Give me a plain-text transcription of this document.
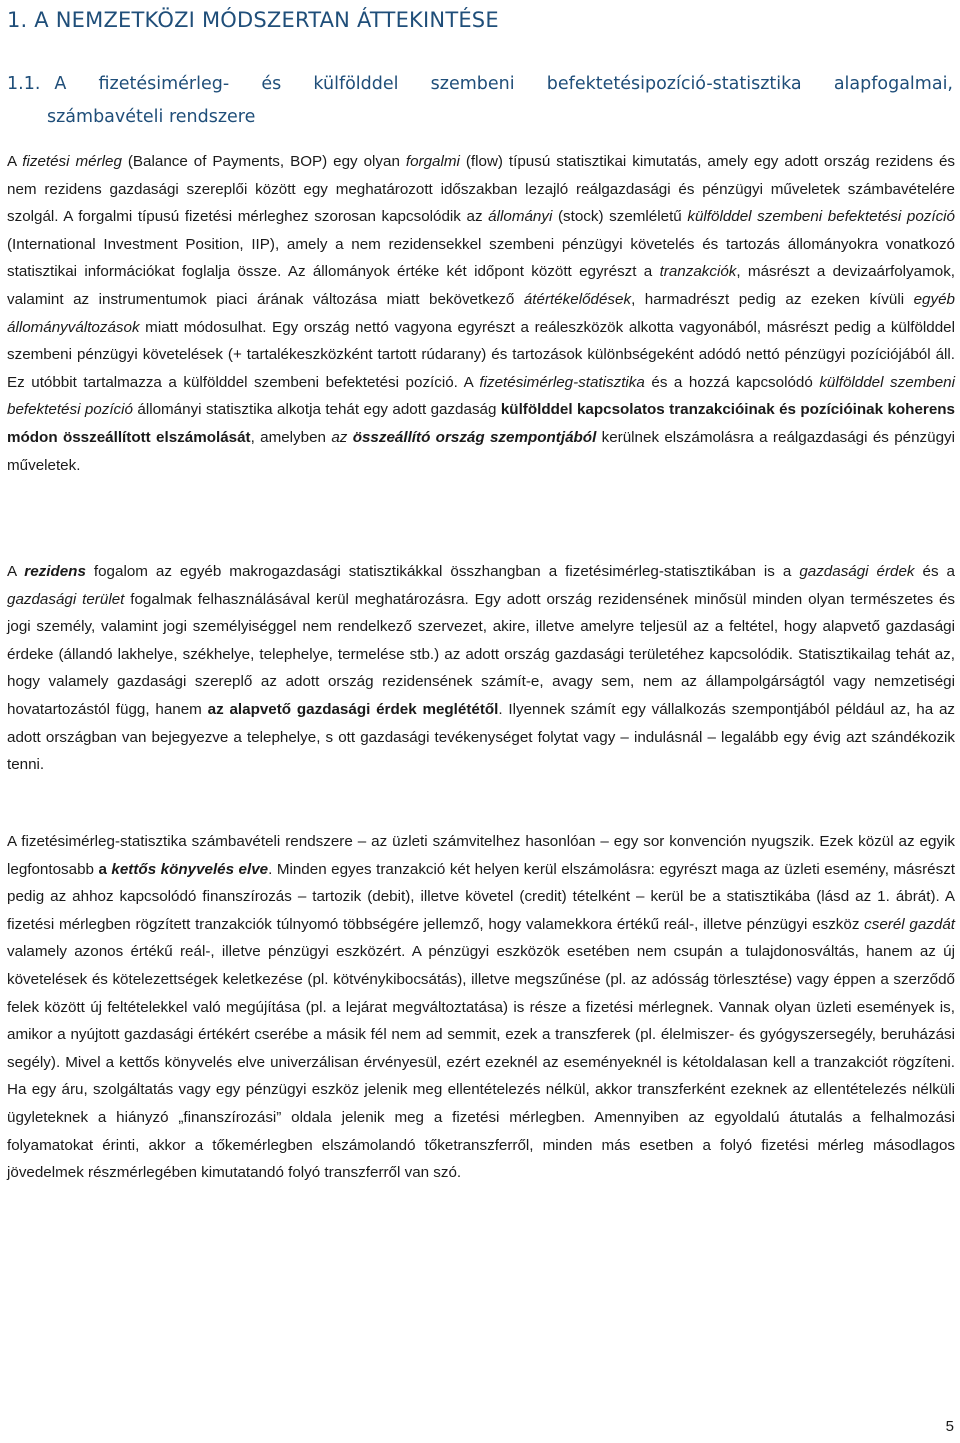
1. A NEMZETKÖZI MÓDSZERTAN ÁTTEKINTÉSE
1.1. A fizetésimérleg- és külfölddel szembeni befektetésipozíció-statisztika alapfogalmai,
számbavételi rendszere

A fizetési mérleg (Balance of Payments, BOP) egy olyan forgalmi (flow) típusú statisztikai kimutatás, amely egy adott ország rezidens és nem rezidens gazdasági szereplői között egy meghatározott időszakban lezajló reálgazdasági és pénzügyi műveletek számbavételére szolgál. A forgalmi típusú fizetési mérleghez szorosan kapcsolódik az állományi (stock) szemléletű külfölddel szembeni befektetési pozíció (International Investment Position, IIP), amely a nem rezidensekkel szembeni pénzügyi követelés és tartozás állományokra vonatkozó statisztikai információkat foglalja össze. Az állományok értéke két időpont között egyrészt a tranzakciók, másrészt a devizaárfolyamok, valamint az instrumentumok piaci árának változása miatt bekövetkező átértékelődések, harmadrészt pedig az ezeken kívüli egyéb állományváltozások miatt módosulhat. Egy ország nettó vagyona egyrészt a reáleszközök alkotta vagyonából, másrészt pedig a külfölddel szembeni pénzügyi követelések (+ tartalékeszközként tartott rúdarany) és tartozások különbségeként adódó nettó pénzügyi pozíciójából áll. Ez utóbbit tartalmazza a külfölddel szembeni befektetési pozíció. A fizetésimérleg-statisztika és a hozzá kapcsolódó külfölddel szembeni befektetési pozíció állományi statisztika alkotja tehát egy adott gazdaság külfölddel kapcsolatos tranzakcióinak és pozícióinak koherens módon összeállított elszámolását, amelyben az összeállító ország szempontjából kerülnek elszámolásra a reálgazdasági és pénzügyi műveletek.

A rezidens fogalom az egyéb makrogazdasági statisztikákkal összhangban a fizetésimérleg-statisztikában is a gazdasági érdek és a gazdasági terület fogalmak felhasználásával kerül meghatározásra. Egy adott ország rezidensének minősül minden olyan természetes és jogi személy, valamint jogi személyiséggel nem rendelkező szervezet, akire, illetve amelyre teljesül az a feltétel, hogy alapvető gazdasági érdeke (állandó lakhelye, székhelye, telephelye, termelése stb.) az adott ország gazdasági területéhez kapcsolódik. Statisztikailag tehát az, hogy valamely gazdasági szereplő az adott ország rezidensének számít-e, avagy sem, nem az állampolgárságtól vagy nemzetiségi hovatartozástól függ, hanem az alapvető gazdasági érdek meglététől. Ilyennek számít egy vállalkozás szempontjából például az, ha az adott országban van bejegyezve a telephelye, s ott gazdasági tevékenységet folytat vagy – indulásnál – legalább egy évig azt szándékozik tenni.

A fizetésimérleg-statisztika számbavételi rendszere – az üzleti számvitelhez hasonlóan – egy sor konvención nyugszik. Ezek közül az egyik legfontosabb a kettős könyvelés elve. Minden egyes tranzakció két helyen kerül elszámolásra: egyrészt maga az üzleti esemény, másrészt pedig az ahhoz kapcsolódó finanszírozás – tartozik (debit), illetve követel (credit) tételként – kerül be a statisztikába (lásd az 1. ábrát). A fizetési mérlegben rögzített tranzakciók túlnyomó többségére jellemző, hogy valamekkora értékű reál-, illetve pénzügyi eszköz cserél gazdát valamely azonos értékű reál-, illetve pénzügyi eszközért. A pénzügyi eszközök esetében nem csupán a tulajdonosváltás, hanem az új követelések és kötelezettségek keletkezése (pl. kötvénykibocsátás), illetve megszűnése (pl. az adósság törlesztése) vagy éppen a szerződő felek között új feltételekkel való megújítása (pl. a lejárat megváltoztatása) is része a fizetési mérlegnek. Vannak olyan üzleti események is, amikor a nyújtott gazdasági értékért cserébe a másik fél nem ad semmit, ezek a transzferek (pl. élelmiszer- és gyógyszersegély, beruházási segély). Mivel a kettős könyvelés elve univerzálisan érvényesül, ezért ezeknél az eseményeknél is kétoldalasan kell a tranzakciót rögzíteni. Ha egy áru, szolgáltatás vagy egy pénzügyi eszköz jelenik meg ellentételezés nélkül, akkor transzferként ezeknek az ellentételezés nélküli ügyleteknek a hiányzó „finanszírozási” oldala jelenik meg a fizetési mérlegben. Amennyiben az egyoldalú átutalás a felhalmozási folyamatokat érinti, akkor a tőkemérlegben elszámolandó tőketranszferről, minden más esetben a folyó fizetési mérleg másodlagos jövedelmek részmérlegében kimutatandó folyó transzferről van szó.

5
